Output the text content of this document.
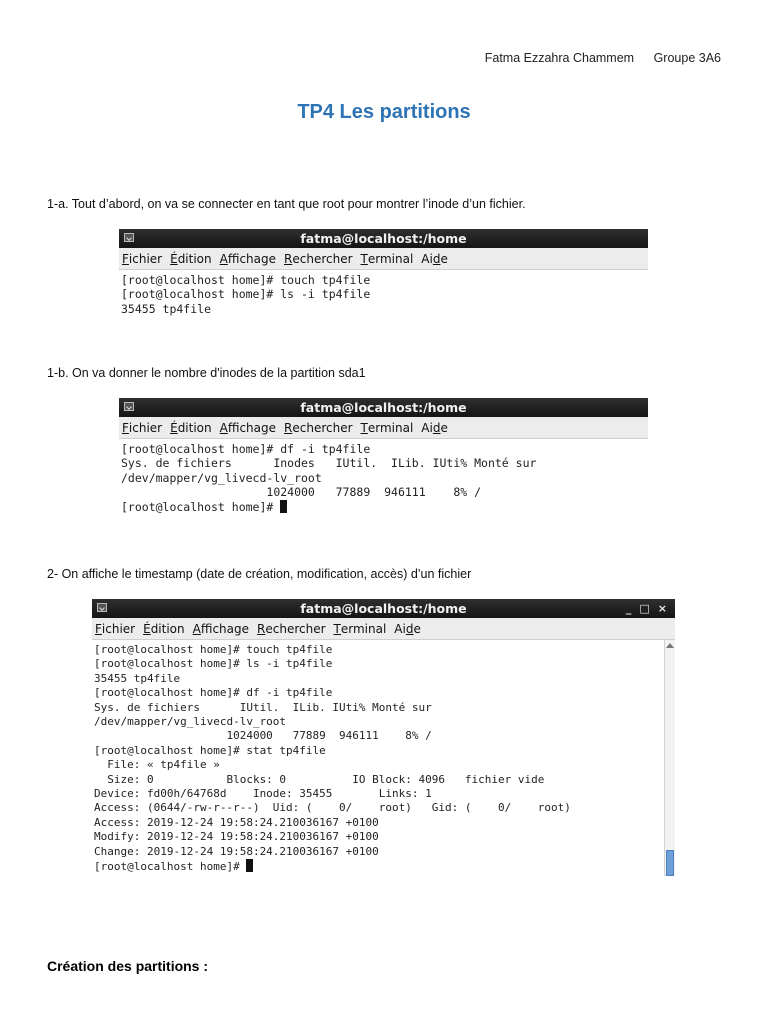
Fatma Ezzahra Chammem Groupe 3A6
TP4 Les partitions
1-a. Tout d’abord, on va se connecter en tant que root pour montrer l’inode d’un fichier.
fatma@localhost:/home
Fichier Édition Affichage Rechercher Terminal Aide
[root@localhost home]# touch tp4file
[root@localhost home]# ls -i tp4file
35455 tp4file
1-b. On va donner le nombre d'inodes de la partition sda1
fatma@localhost:/home
Fichier Édition Affichage Rechercher Terminal Aide
[root@localhost home]# df -i tp4file
Sys. de fichiers      Inodes   IUtil.  ILib. IUti% Monté sur
/dev/mapper/vg_livecd-lv_root
1024000   77889  946111    8% /
[root@localhost home]#
2- On affiche le timestamp (date de création, modification, accès) d’un fichier
fatma@localhost:/home	_ □ ×
Fichier Édition Affichage Rechercher Terminal Aide
[root@localhost home]# touch tp4file
[root@localhost home]# ls -i tp4file
35455 tp4file
[root@localhost home]# df -i tp4file
Sys. de fichiers      IUtil.  ILib. IUti% Monté sur
/dev/mapper/vg_livecd-lv_root
1024000   77889  946111    8% /
[root@localhost home]# stat tp4file
File: « tp4file »
Size: 0           Blocks: 0          IO Block: 4096   fichier vide
Device: fd00h/64768d    Inode: 35455       Links: 1
Access: (0644/-rw-r--r--)  Uid: (    0/    root)   Gid: (    0/    root)
Access: 2019-12-24 19:58:24.210036167 +0100
Modify: 2019-12-24 19:58:24.210036167 +0100
Change: 2019-12-24 19:58:24.210036167 +0100
[root@localhost home]#
Création des partitions :
